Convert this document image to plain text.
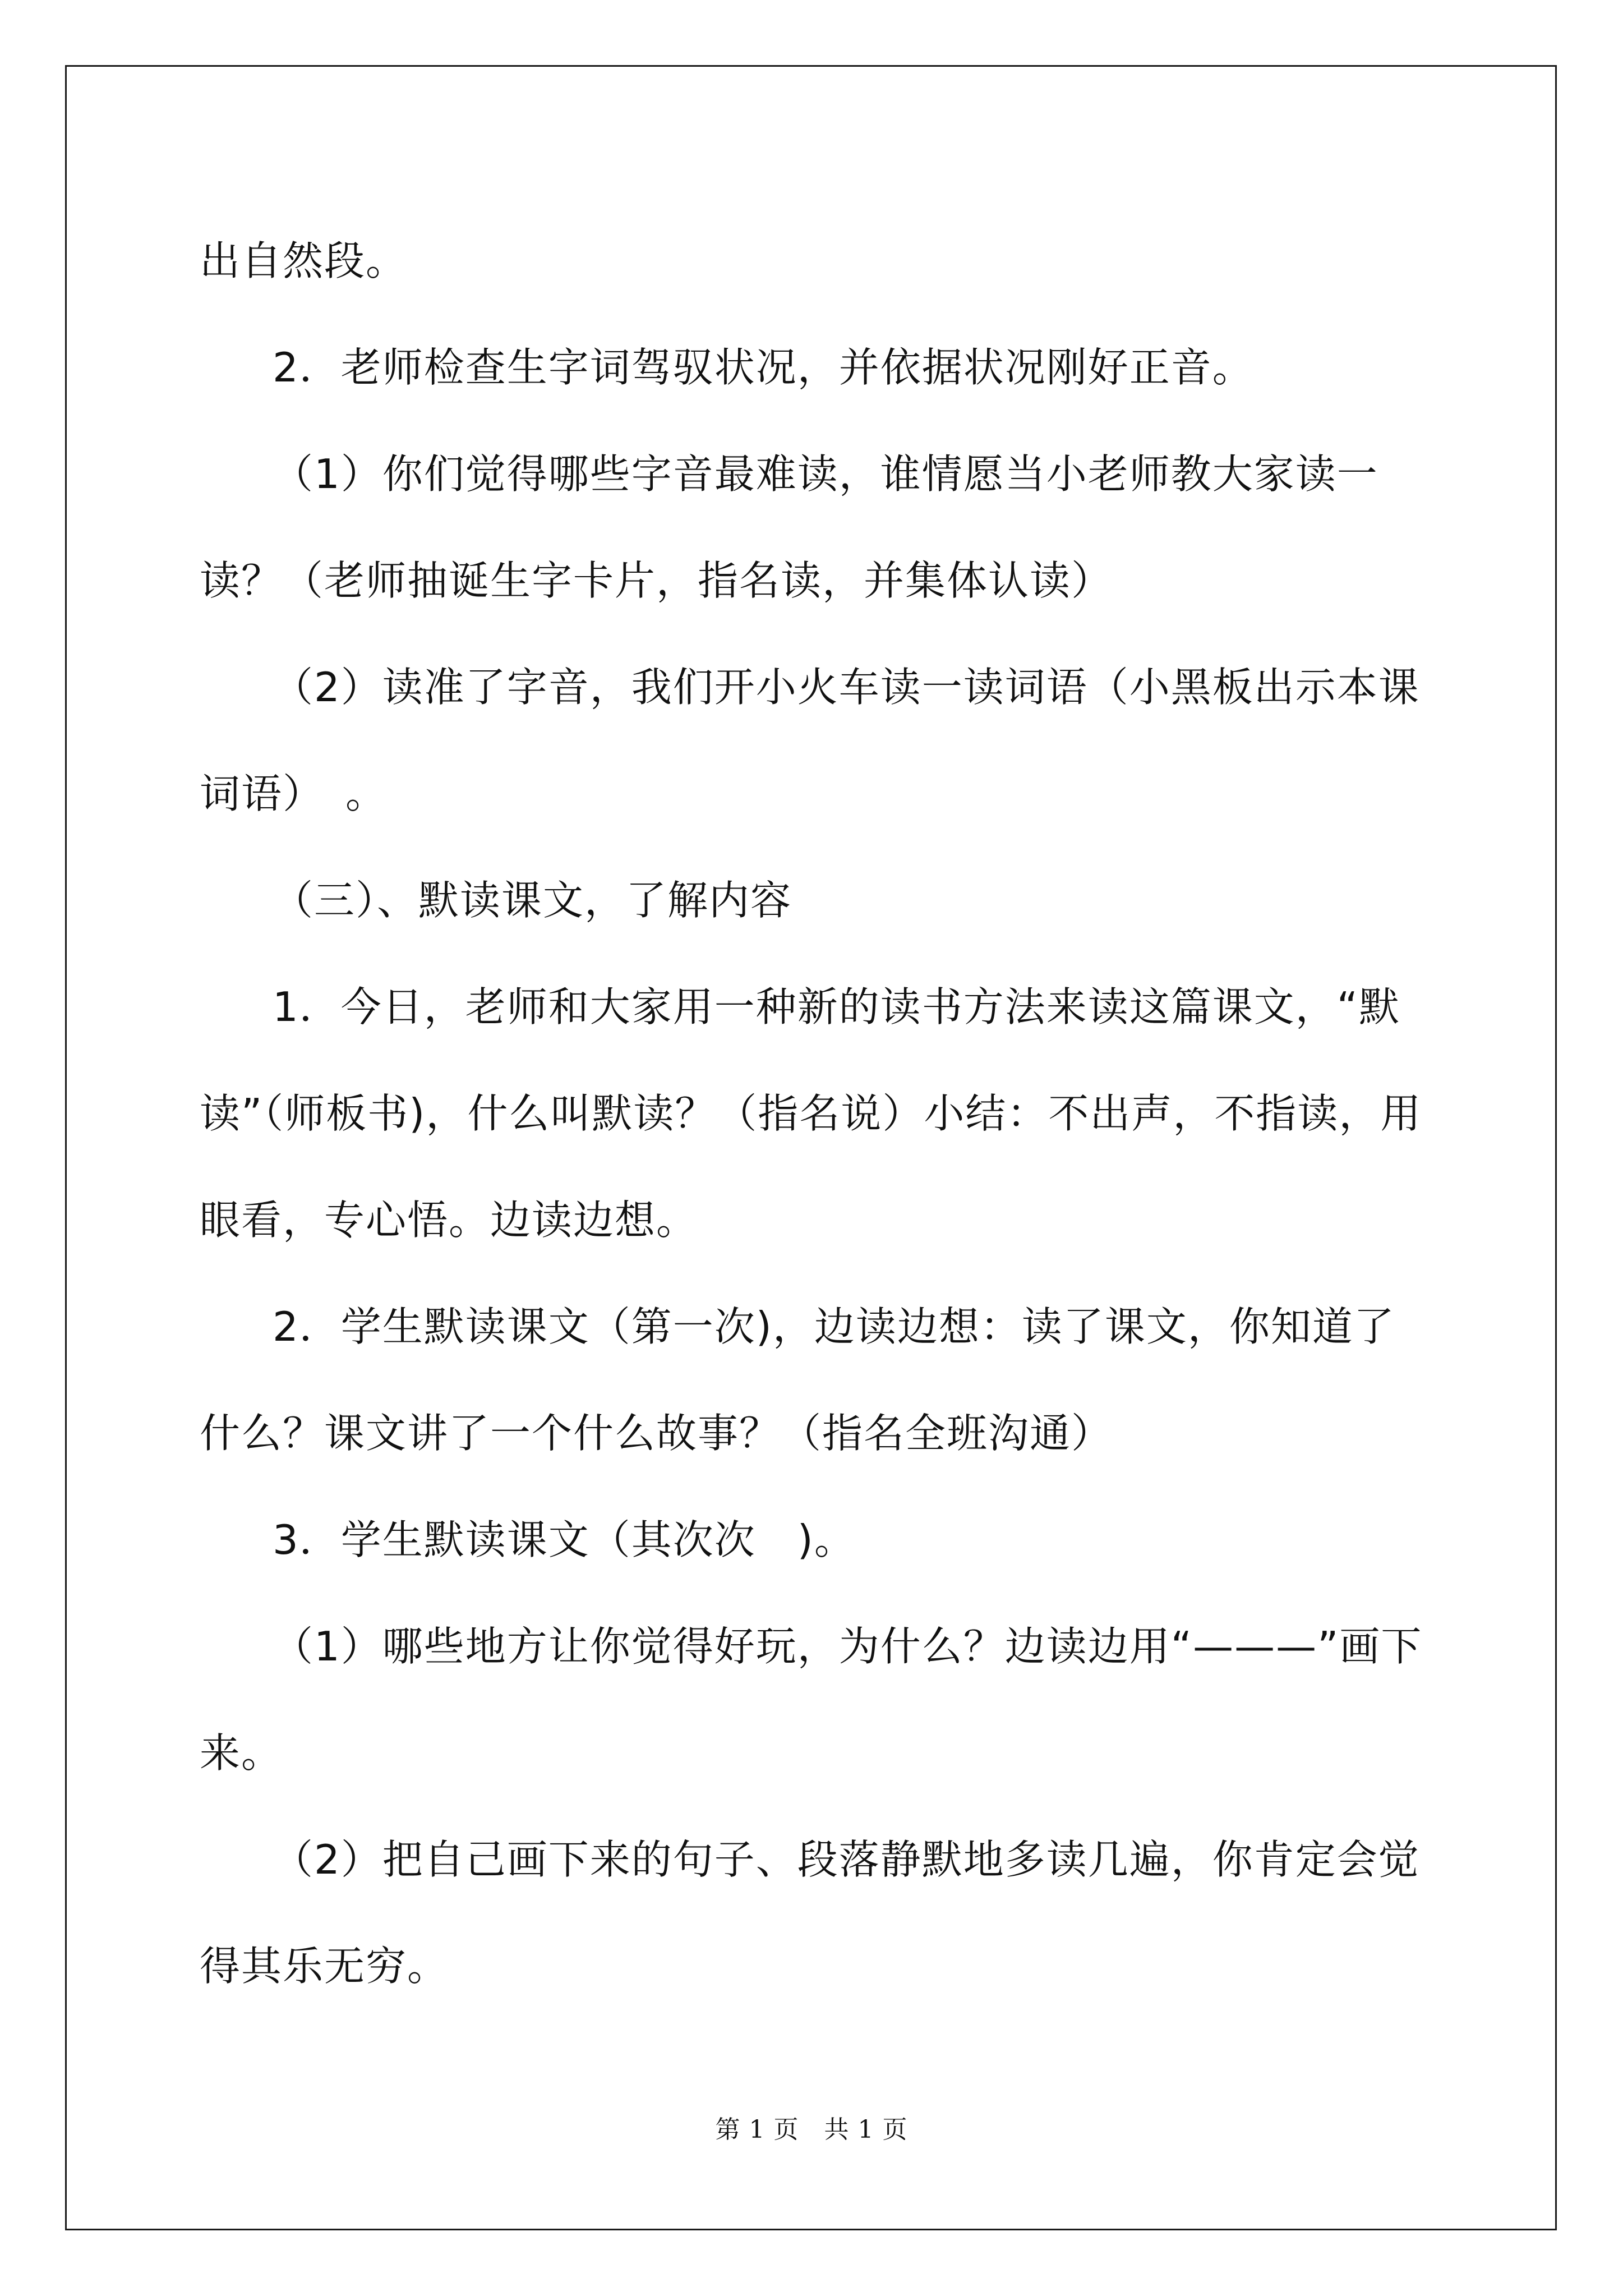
出自然段。

2．老师检查生字词驾驭状况，并依据状况刚好正音。

（1）你们觉得哪些字音最难读，谁情愿当小老师教大家读一读？（老师抽诞生字卡片，指名读，并集体认读）

（2）读准了字音，我们开小火车读一读词语（小黑板出示本课词语）　。

（三）、默读课文，了解内容

1．今日，老师和大家用一种新的读书方法来读这篇课文，“默读”（师板书)，什么叫默读？（指名说）小结：不出声，不指读，用眼看，专心悟。边读边想。

2．学生默读课文（第一次)，边读边想：读了课文，你知道了什么？课文讲了一个什么故事？（指名全班沟通）

3．学生默读课文（其次次　)。

（1）哪些地方让你觉得好玩，为什么？边读边用“———”画下来。

（2）把自己画下来的句子、段落静默地多读几遍，你肯定会觉得其乐无穷。

第 1 页　共 1 页
